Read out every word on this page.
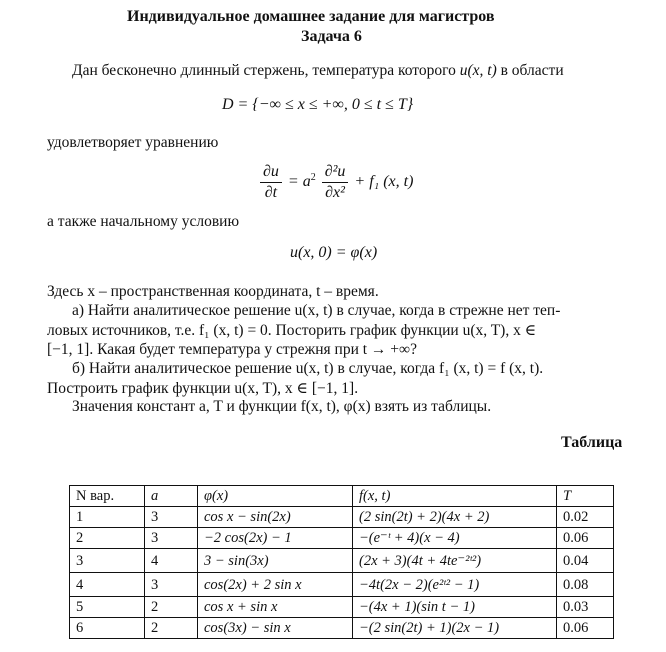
Индивидуальное домашнее задание для магистров
Задача 6
Дан бесконечно длинный стержень, температура которого u(x, t) в области
D = {−∞ ≤ x ≤ +∞, 0 ≤ t ≤ T}
удовлетворяет уравнению
$\frac{\partial u}{\partial t} = a^2 \frac{\text{∂²u}}{\text{∂x²}} + f_1$ (x, t)
а также начальному условию
u(x, 0) = φ(x)
Здесь x – пространственная координата, t – время.
а) Найти аналитическое решение u(x, t) в случае, когда в стрежне нет теп-
ловых источников, т.е. f₁ (x, t) = 0. Посторить график функции u(x, T), x ∈
[−1, 1]. Какая будет температура у стрежня при t → +∞?
б) Найти аналитическое решение u(x, t) в случае, когда f₁ (x, t) = f (x, t).
Построить график функции u(x, T), x ∈ [−1, 1].
Значения констант a, T и функции f(x, t), φ(x) взять из таблицы.
Таблица
N вар.	a	φ(x)	f(x, t)	T
1	3	cos x − sin(2x)	(2 sin(2t) + 2)(4x + 2)	0.02
2	3	−2 cos(2x) − 1	−(e⁻ᵗ + 4)(x − 4)	0.06
3	4	3 − sin(3x)	(2x + 3)(4t + 4te⁻²ᵗ²)	0.04
4	3	cos(2x) + 2 sin x	−4t(2x − 2)(e²ᵗ² − 1)	0.08
5	2	cos x + sin x	−(4x + 1)(sin t − 1)	0.03
6	2	cos(3x) − sin x	−(2 sin(2t) + 1)(2x − 1)	0.06
